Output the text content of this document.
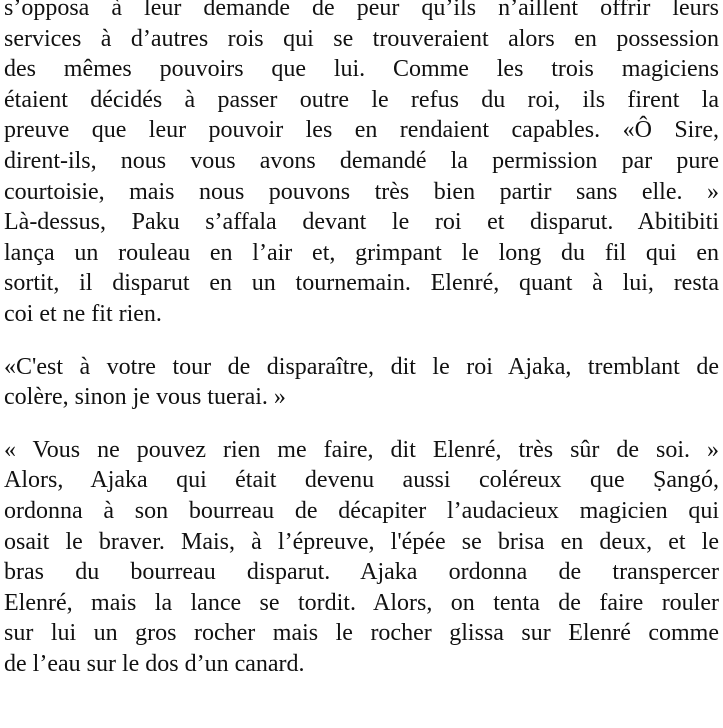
s’opposa à leur demande de peur qu’ils n’aillent offrir leurs
services à d’autres rois qui se trouveraient alors en possession
des mêmes pouvoirs que lui. Comme les trois magiciens
étaient décidés à passer outre le refus du roi, ils firent la
preuve que leur pouvoir les en rendaient capables. «Ô Sire,
dirent-ils, nous vous avons demandé la permission par pure
courtoisie, mais nous pouvons très bien partir sans elle. »
Là-dessus, Paku s’affala devant le roi et disparut. Abitibiti
lança un rouleau en l’air et, grimpant le long du fil qui en
sortit, il disparut en un tournemain. Elenré, quant à lui, resta
coi et ne fit rien.
«C'est à votre tour de disparaître, dit le roi Ajaka, tremblant de
colère, sinon je vous tuerai. »
« Vous ne pouvez rien me faire, dit Elenré, très sûr de soi. »
Alors, Ajaka qui était devenu aussi coléreux que Ṣangó,
ordonna à son bourreau de décapiter l’audacieux magicien qui
osait le braver. Mais, à l’épreuve, l'épée se brisa en deux, et le
bras du bourreau disparut. Ajaka ordonna de transpercer
Elenré, mais la lance se tordit. Alors, on tenta de faire rouler
sur lui un gros rocher mais le rocher glissa sur Elenré comme
de l’eau sur le dos d’un canard.
